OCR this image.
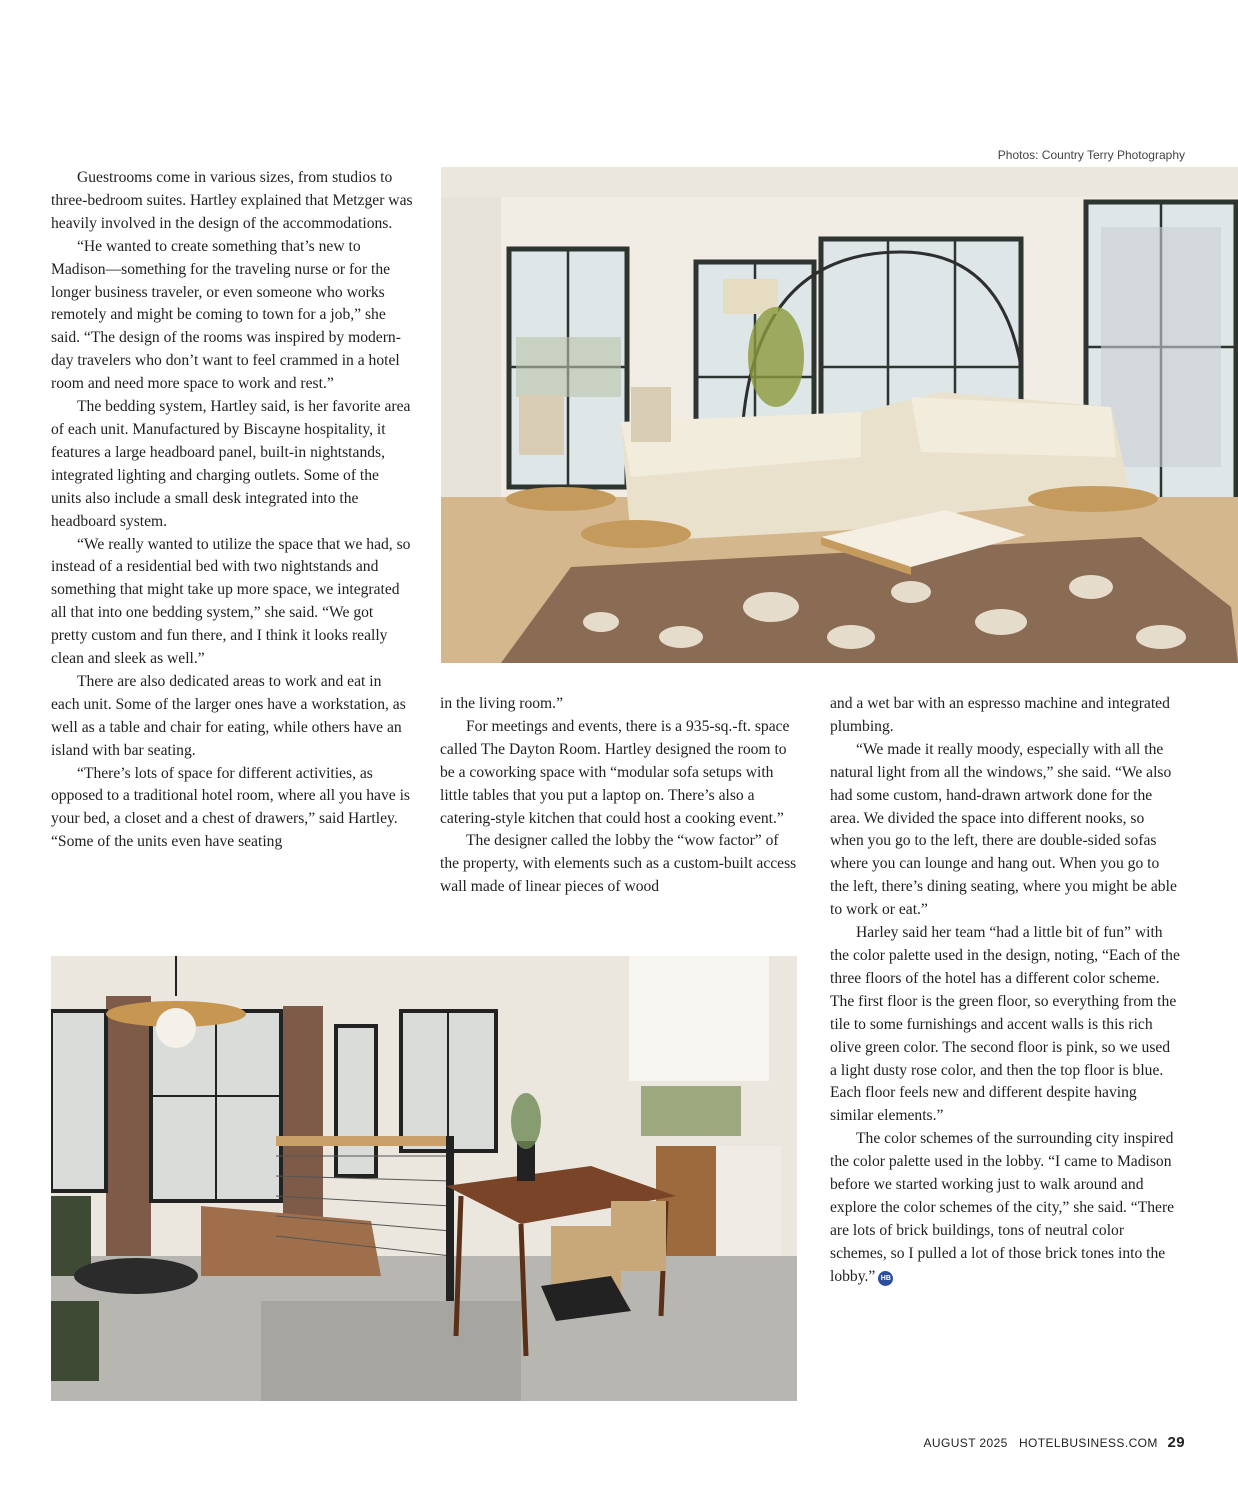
Photos: Country Terry Photography

Guestrooms come in various sizes, from studios to three-bedroom suites. Hartley explained that Metzger was heavily involved in the design of the accommodations.

“He wanted to create something that’s new to Madison—something for the traveling nurse or for the longer business traveler, or even someone who works remotely and might be coming to town for a job,” she said. “The design of the rooms was inspired by modern-day travelers who don’t want to feel crammed in a hotel room and need more space to work and rest.”

The bedding system, Hartley said, is her favorite area of each unit. Manufactured by Biscayne hospitality, it features a large headboard panel, built-in nightstands, integrated lighting and charging outlets. Some of the units also include a small desk integrated into the headboard system.

“We really wanted to utilize the space that we had, so instead of a residential bed with two nightstands and something that might take up more space, we integrated all that into one bedding system,” she said. “We got pretty custom and fun there, and I think it looks really clean and sleek as well.”

There are also dedicated areas to work and eat in each unit. Some of the larger ones have a workstation, as well as a table and chair for eating, while others have an island with bar seating.

“There’s lots of space for different activities, as opposed to a traditional hotel room, where all you have is your bed, a closet and a chest of drawers,” said Hartley. “Some of the units even have seating

in the living room.”

For meetings and events, there is a 935-sq.-ft. space called The Dayton Room. Hartley designed the room to be a coworking space with “modular sofa setups with little tables that you put a laptop on. There’s also a catering-style kitchen that could host a cooking event.”

The designer called the lobby the “wow factor” of the property, with elements such as a custom-built access wall made of linear pieces of wood

and a wet bar with an espresso machine and integrated plumbing.

“We made it really moody, especially with all the natural light from all the windows,” she said. “We also had some custom, hand-drawn artwork done for the area. We divided the space into different nooks, so when you go to the left, there are double-sided sofas where you can lounge and hang out. When you go to the left, there’s dining seating, where you might be able to work or eat.”

Harley said her team “had a little bit of fun” with the color palette used in the design, noting, “Each of the three floors of the hotel has a different color scheme. The first floor is the green floor, so everything from the tile to some furnishings and accent walls is this rich olive green color. The second floor is pink, so we used a light dusty rose color, and then the top floor is blue. Each floor feels new and different despite having similar elements.”

The color schemes of the surrounding city inspired the color palette used in the lobby. “I came to Madison before we started working just to walk around and explore the color schemes of the city,” she said. “There are lots of brick buildings, tons of neutral color schemes, so I pulled a lot of those brick tones into the lobby.” HB

AUGUST 2025 HOTELBUSINESS.COM 29
